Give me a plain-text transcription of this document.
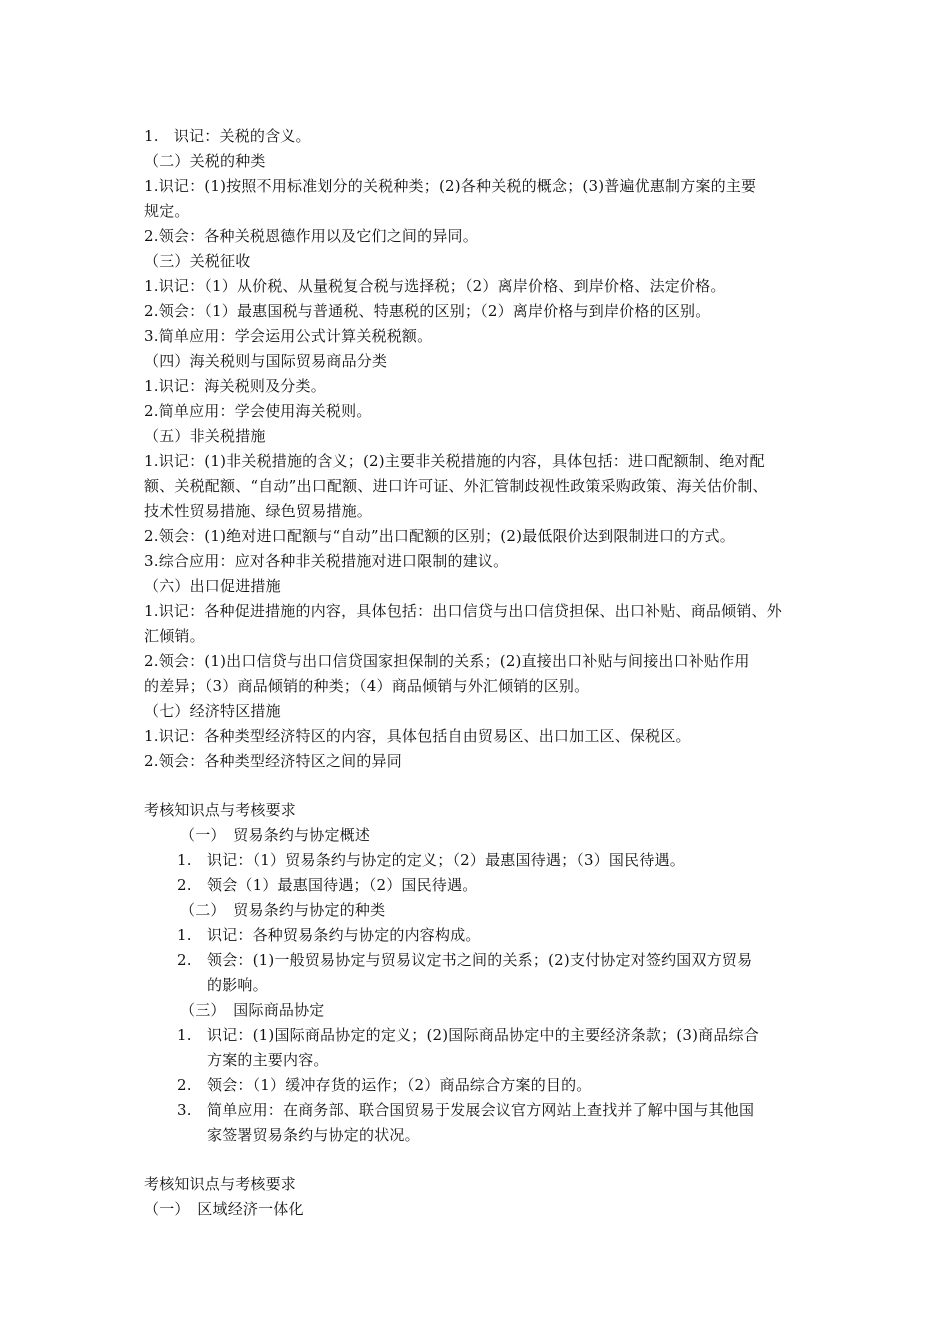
1.　识记：关税的含义。
（二）关税的种类
1.识记：(1)按照不用标准划分的关税种类；(2)各种关税的概念；(3)普遍优惠制方案的主要
规定。
2.领会：各种关税恩德作用以及它们之间的异同。
（三）关税征收
1.识记：（1）从价税、从量税复合税与选择税；（2）离岸价格、到岸价格、法定价格。
2.领会：（1）最惠国税与普通税、特惠税的区别；（2）离岸价格与到岸价格的区别。
3.简单应用：学会运用公式计算关税税额。
（四）海关税则与国际贸易商品分类
1.识记：海关税则及分类。
2.简单应用：学会使用海关税则。
（五）非关税措施
1.识记：(1)非关税措施的含义；(2)主要非关税措施的内容，具体包括：进口配额制、绝对配
额、关税配额、“自动”出口配额、进口许可证、外汇管制歧视性政策采购政策、海关估价制、
技术性贸易措施、绿色贸易措施。
2.领会：(1)绝对进口配额与“自动”出口配额的区别；(2)最低限价达到限制进口的方式。
3.综合应用：应对各种非关税措施对进口限制的建议。
（六）出口促进措施
1.识记：各种促进措施的内容，具体包括：出口信贷与出口信贷担保、出口补贴、商品倾销、外
汇倾销。
2.领会：(1)出口信贷与出口信贷国家担保制的关系；(2)直接出口补贴与间接出口补贴作用
的差异；（3）商品倾销的种类；（4）商品倾销与外汇倾销的区别。
（七）经济特区措施
1.识记：各种类型经济特区的内容，具体包括自由贸易区、出口加工区、保税区。
2.领会：各种类型经济特区之间的异同
考核知识点与考核要求
（一）　贸易条约与协定概述
1. 识记：（1）贸易条约与协定的定义；（2）最惠国待遇；（3）国民待遇。
2. 领会（1）最惠国待遇；（2）国民待遇。
（二）　贸易条约与协定的种类
1. 识记：各种贸易条约与协定的内容构成。
2. 领会：(1)一般贸易协定与贸易议定书之间的关系；(2)支付协定对签约国双方贸易
的影响。
（三）　国际商品协定
1. 识记：(1)国际商品协定的定义；(2)国际商品协定中的主要经济条款；(3)商品综合
方案的主要内容。
2. 领会：（1）缓冲存货的运作；（2）商品综合方案的目的。
3. 简单应用：在商务部、联合国贸易于发展会议官方网站上查找并了解中国与其他国
家签署贸易条约与协定的状况。
考核知识点与考核要求
（一）　区域经济一体化
